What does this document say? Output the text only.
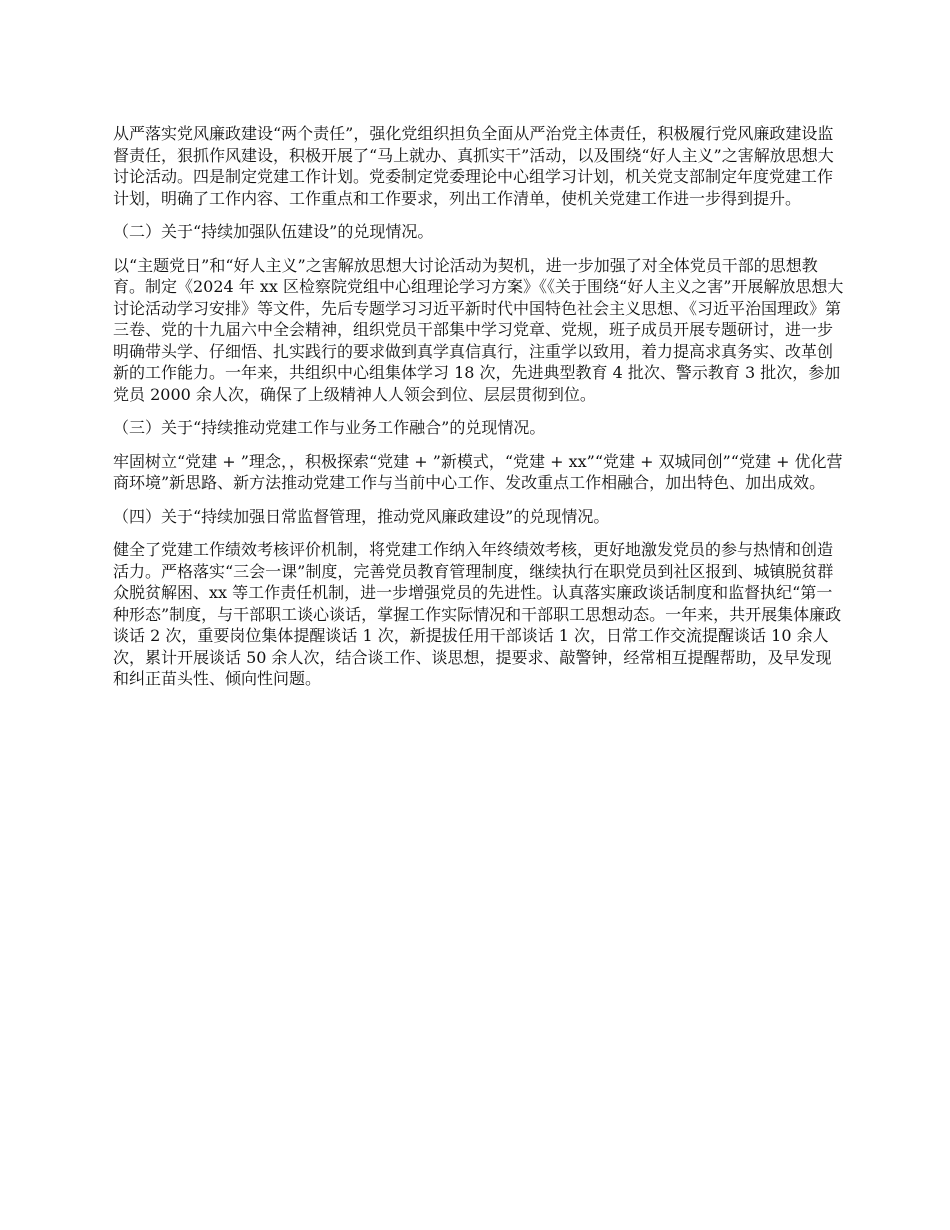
从严落实党风廉政建设“两个责任”，强化党组织担负全面从严治党主体责任，积极履行党风廉政建设监督责任，狠抓作风建设，积极开展了“马上就办、真抓实干”活动，以及围绕“好人主义”之害解放思想大讨论活动。四是制定党建工作计划。党委制定党委理论中心组学习计划，机关党支部制定年度党建工作计划，明确了工作内容、工作重点和工作要求，列出工作清单，使机关党建工作进一步得到提升。

（二）关于“持续加强队伍建设”的兑现情况。

以“主题党日”和“好人主义”之害解放思想大讨论活动为契机，进一步加强了对全体党员干部的思想教育。制定《2024 年 xx 区检察院党组中心组理论学习方案》《《关于围绕“好人主义之害”开展解放思想大讨论活动学习安排》等文件，先后专题学习习近平新时代中国特色社会主义思想、《习近平治国理政》第三卷、党的十九届六中全会精神，组织党员干部集中学习党章、党规，班子成员开展专题研讨，进一步明确带头学、仔细悟、扎实践行的要求做到真学真信真行，注重学以致用，着力提高求真务实、改革创新的工作能力。一年来，共组织中心组集体学习 18 次，先进典型教育 4 批次、警示教育 3 批次，参加党员 2000 余人次，确保了上级精神人人领会到位、层层贯彻到位。

（三）关于“持续推动党建工作与业务工作融合”的兑现情况。

牢固树立“党建 + ”理念，，积极探索“党建 + ”新模式，“党建 + xx”“党建 + 双城同创”“党建 + 优化营商环境”新思路、新方法推动党建工作与当前中心工作、发改重点工作相融合，加出特色、加出成效。

（四）关于“持续加强日常监督管理，推动党风廉政建设”的兑现情况。

健全了党建工作绩效考核评价机制，将党建工作纳入年终绩效考核，更好地激发党员的参与热情和创造活力。严格落实“三会一课”制度，完善党员教育管理制度，继续执行在职党员到社区报到、城镇脱贫群众脱贫解困、xx 等工作责任机制，进一步增强党员的先进性。认真落实廉政谈话制度和监督执纪“第一种形态”制度，与干部职工谈心谈话，掌握工作实际情况和干部职工思想动态。一年来，共开展集体廉政谈话 2 次，重要岗位集体提醒谈话 1 次，新提拔任用干部谈话 1 次，日常工作交流提醒谈话 10 余人次，累计开展谈话 50 余人次，结合谈工作、谈思想，提要求、敲警钟，经常相互提醒帮助，及早发现和纠正苗头性、倾向性问题。
